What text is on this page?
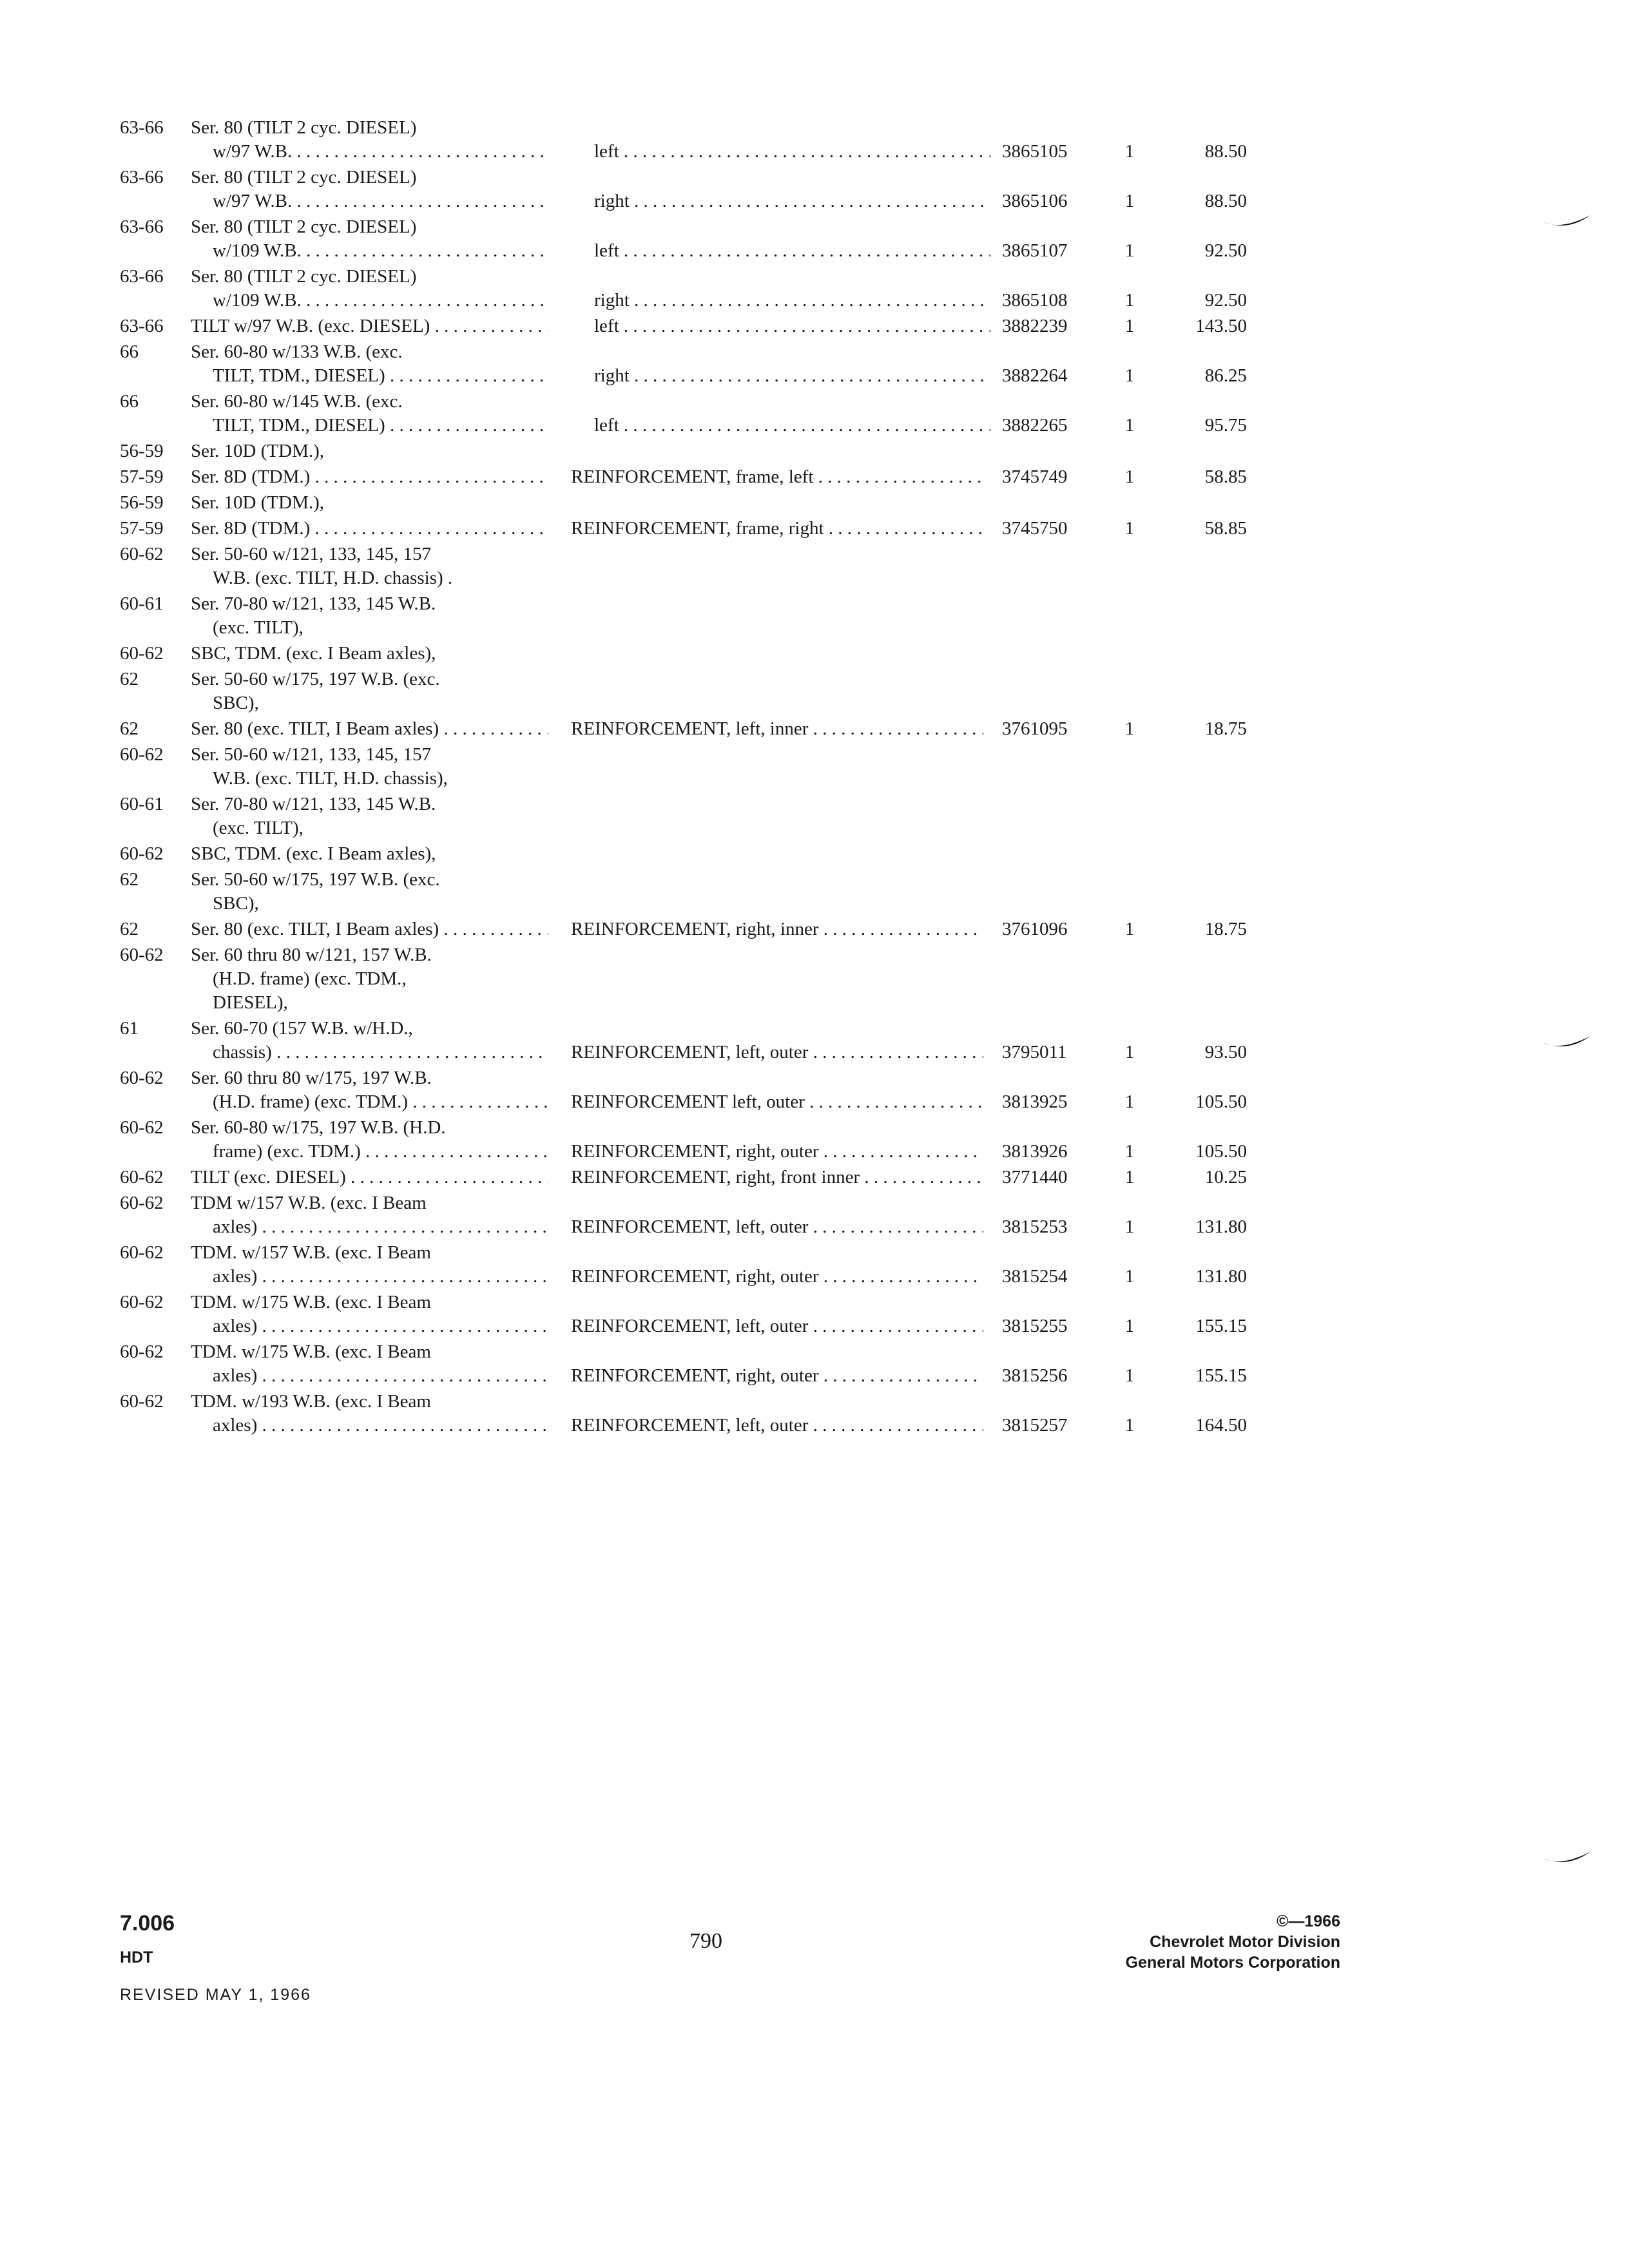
63-66	Ser. 80 (TILT 2 cyc. DIESEL)
w/97 W.B. . . .	left . . .	3865105	1	88.50
63-66	Ser. 80 (TILT 2 cyc. DIESEL)
w/97 W.B. . . .	right . . .	3865106	1	88.50
63-66	Ser. 80 (TILT 2 cyc. DIESEL)
w/109 W.B. . . .	left . . .	3865107	1	92.50
63-66	Ser. 80 (TILT 2 cyc. DIESEL)
w/109 W.B. . . .	right . . .	3865108	1	92.50
63-66	TILT w/97 W.B. (exc. DIESEL) . . .	left . . .	3882239	1	143.50
66	Ser. 60-80 w/133 W.B. (exc.
TILT, TDM., DIESEL) . . .	right . . .	3882264	1	86.25
66	Ser. 60-80 w/145 W.B. (exc.
TILT, TDM., DIESEL) . . .	left . . .	3882265	1	95.75
56-59	Ser. 10D (TDM.),
57-59	Ser. 8D (TDM.) . . .	REINFORCEMENT, frame, left . . .	3745749	1	58.85
56-59	Ser. 10D (TDM.),
57-59	Ser. 8D (TDM.) . . .	REINFORCEMENT, frame, right . . .	3745750	1	58.85
60-62	Ser. 50-60 w/121, 133, 145, 157
W.B. (exc. TILT, H.D. chassis) .
60-61	Ser. 70-80 w/121, 133, 145 W.B.
(exc. TILT),
60-62	SBC, TDM. (exc. I Beam axles),
62	Ser. 50-60 w/175, 197 W.B. (exc.
SBC),
62	Ser. 80 (exc. TILT, I Beam axles) . . . .	REINFORCEMENT, left, inner . . .	3761095	1	18.75
60-62	Ser. 50-60 w/121, 133, 145, 157
W.B. (exc. TILT, H.D. chassis),
60-61	Ser. 70-80 w/121, 133, 145 W.B.
(exc. TILT),
60-62	SBC, TDM. (exc. I Beam axles),
62	Ser. 50-60 w/175, 197 W.B. (exc.
SBC),
62	Ser. 80 (exc. TILT, I Beam axles) . . . .	REINFORCEMENT, right, inner . . .	3761096	1	18.75
60-62	Ser. 60 thru 80 w/121, 157 W.B.
(H.D. frame) (exc. TDM.,
DIESEL),
61	Ser. 60-70 (157 W.B. w/H.D.,
chassis) . . .	REINFORCEMENT, left, outer . . .	3795011	1	93.50
60-62	Ser. 60 thru 80 w/175, 197 W.B.
(H.D. frame) (exc. TDM.) . . .	REINFORCEMENT left, outer . . .	3813925	1	105.50
60-62	Ser. 60-80 w/175, 197 W.B. (H.D.
frame) (exc. TDM.) . . .	REINFORCEMENT, right, outer . . .	3813926	1	105.50
60-62	TILT (exc. DIESEL) . . .	REINFORCEMENT, right, front inner . . .	3771440	1	10.25
60-62	TDM w/157 W.B. (exc. I Beam
axles) . . .	REINFORCEMENT, left, outer . . .	3815253	1	131.80
60-62	TDM. w/157 W.B. (exc. I Beam
axles) . . .	REINFORCEMENT, right, outer . . .	3815254	1	131.80
60-62	TDM. w/175 W.B. (exc. I Beam
axles) . . .	REINFORCEMENT, left, outer . . .	3815255	1	155.15
60-62	TDM. w/175 W.B. (exc. I Beam
axles) . . .	REINFORCEMENT, right, outer . . .	3815256	1	155.15
60-62	TDM. w/193 W.B. (exc. I Beam
axles) . . .	REINFORCEMENT, left, outer . . .	3815257	1	164.50
7.006
HDT
REVISED MAY 1, 1966
790
©—1966
Chevrolet Motor Division
General Motors Corporation
